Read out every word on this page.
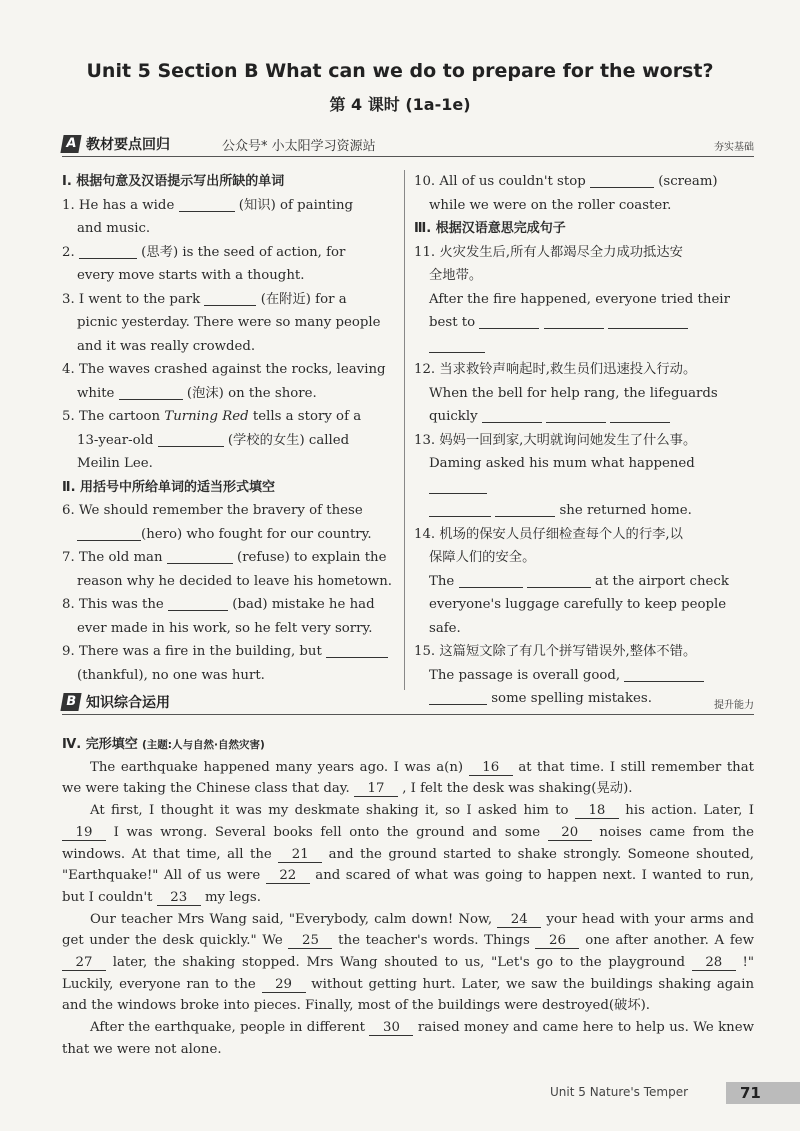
Unit 5 Section B What can we do to prepare for the worst?
第 4 课时 (1a-1e)
A 教材要点回归	公众号* 小太阳学习资源站	夯实基础

Ⅰ. 根据句意及汉语提示写出所缺的单词

1. He has a wide	(知识) of painting
and music.

2.	(思考) is the seed of action, for
every move starts with a thought.

3. I went to the park	(在附近) for a
picnic yesterday. There were so many people
and it was really crowded.

4. The waves crashed against the rocks, leaving
white	(泡沫) on the shore.

5. The cartoon Turning Red tells a story of a
13-year-old	(学校的女生) called
Meilin Lee.

Ⅱ. 用括号中所给单词的适当形式填空

6. We should remember the bravery of these
(hero) who fought for our country.

7. The old man	(refuse) to explain the
reason why he decided to leave his hometown.

8. This was the	(bad) mistake he had
ever made in his work, so he felt very sorry.

9. There was a fire in the building, but
(thankful), no one was hurt.

10. All of us couldn't stop	(scream)
while we were on the roller coaster.

Ⅲ. 根据汉语意思完成句子

11. 火灾发生后,所有人都竭尽全力成功抵达安
全地带。
After the fire happened, everyone tried their
best to

12. 当求救铃声响起时,救生员们迅速投入行动。
When the bell for help rang, the lifeguards
quickly

13. 妈妈一回到家,大明就询问她发生了什么事。
Daming asked his mum what happened
she returned home.

14. 机场的保安人员仔细检查每个人的行李,以
保障人们的安全。
The	at the airport check
everyone's luggage carefully to keep people
safe.

15. 这篇短文除了有几个拼写错误外,整体不错。
The passage is overall good,
some spelling mistakes.

B 知识综合运用	提升能力

Ⅳ. 完形填空 (主题:人与自然·自然灾害)

The earthquake happened many years ago. I was a(n) 16 at that time. I still remember that we were taking the Chinese class that day. 17 , I felt the desk was shaking(晃动).

At first, I thought it was my deskmate shaking it, so I asked him to 18 his action. Later, I 19 I was wrong. Several books fell onto the ground and some 20 noises came from the windows. At that time, all the 21 and the ground started to shake strongly. Someone shouted, "Earthquake!" All of us were 22 and scared of what was going to happen next. I wanted to run, but I couldn't 23 my legs.

Our teacher Mrs Wang said, "Everybody, calm down! Now, 24 your head with your arms and get under the desk quickly." We 25 the teacher's words. Things 26 one after another. A few 27 later, the shaking stopped. Mrs Wang shouted to us, "Let's go to the playground 28 !" Luckily, everyone ran to the 29 without getting hurt. Later, we saw the buildings shaking again and the windows broke into pieces. Finally, most of the buildings were destroyed(破坏).

After the earthquake, people in different 30 raised money and came here to help us. We knew that we were not alone.

Unit 5 Nature's Temper	71
